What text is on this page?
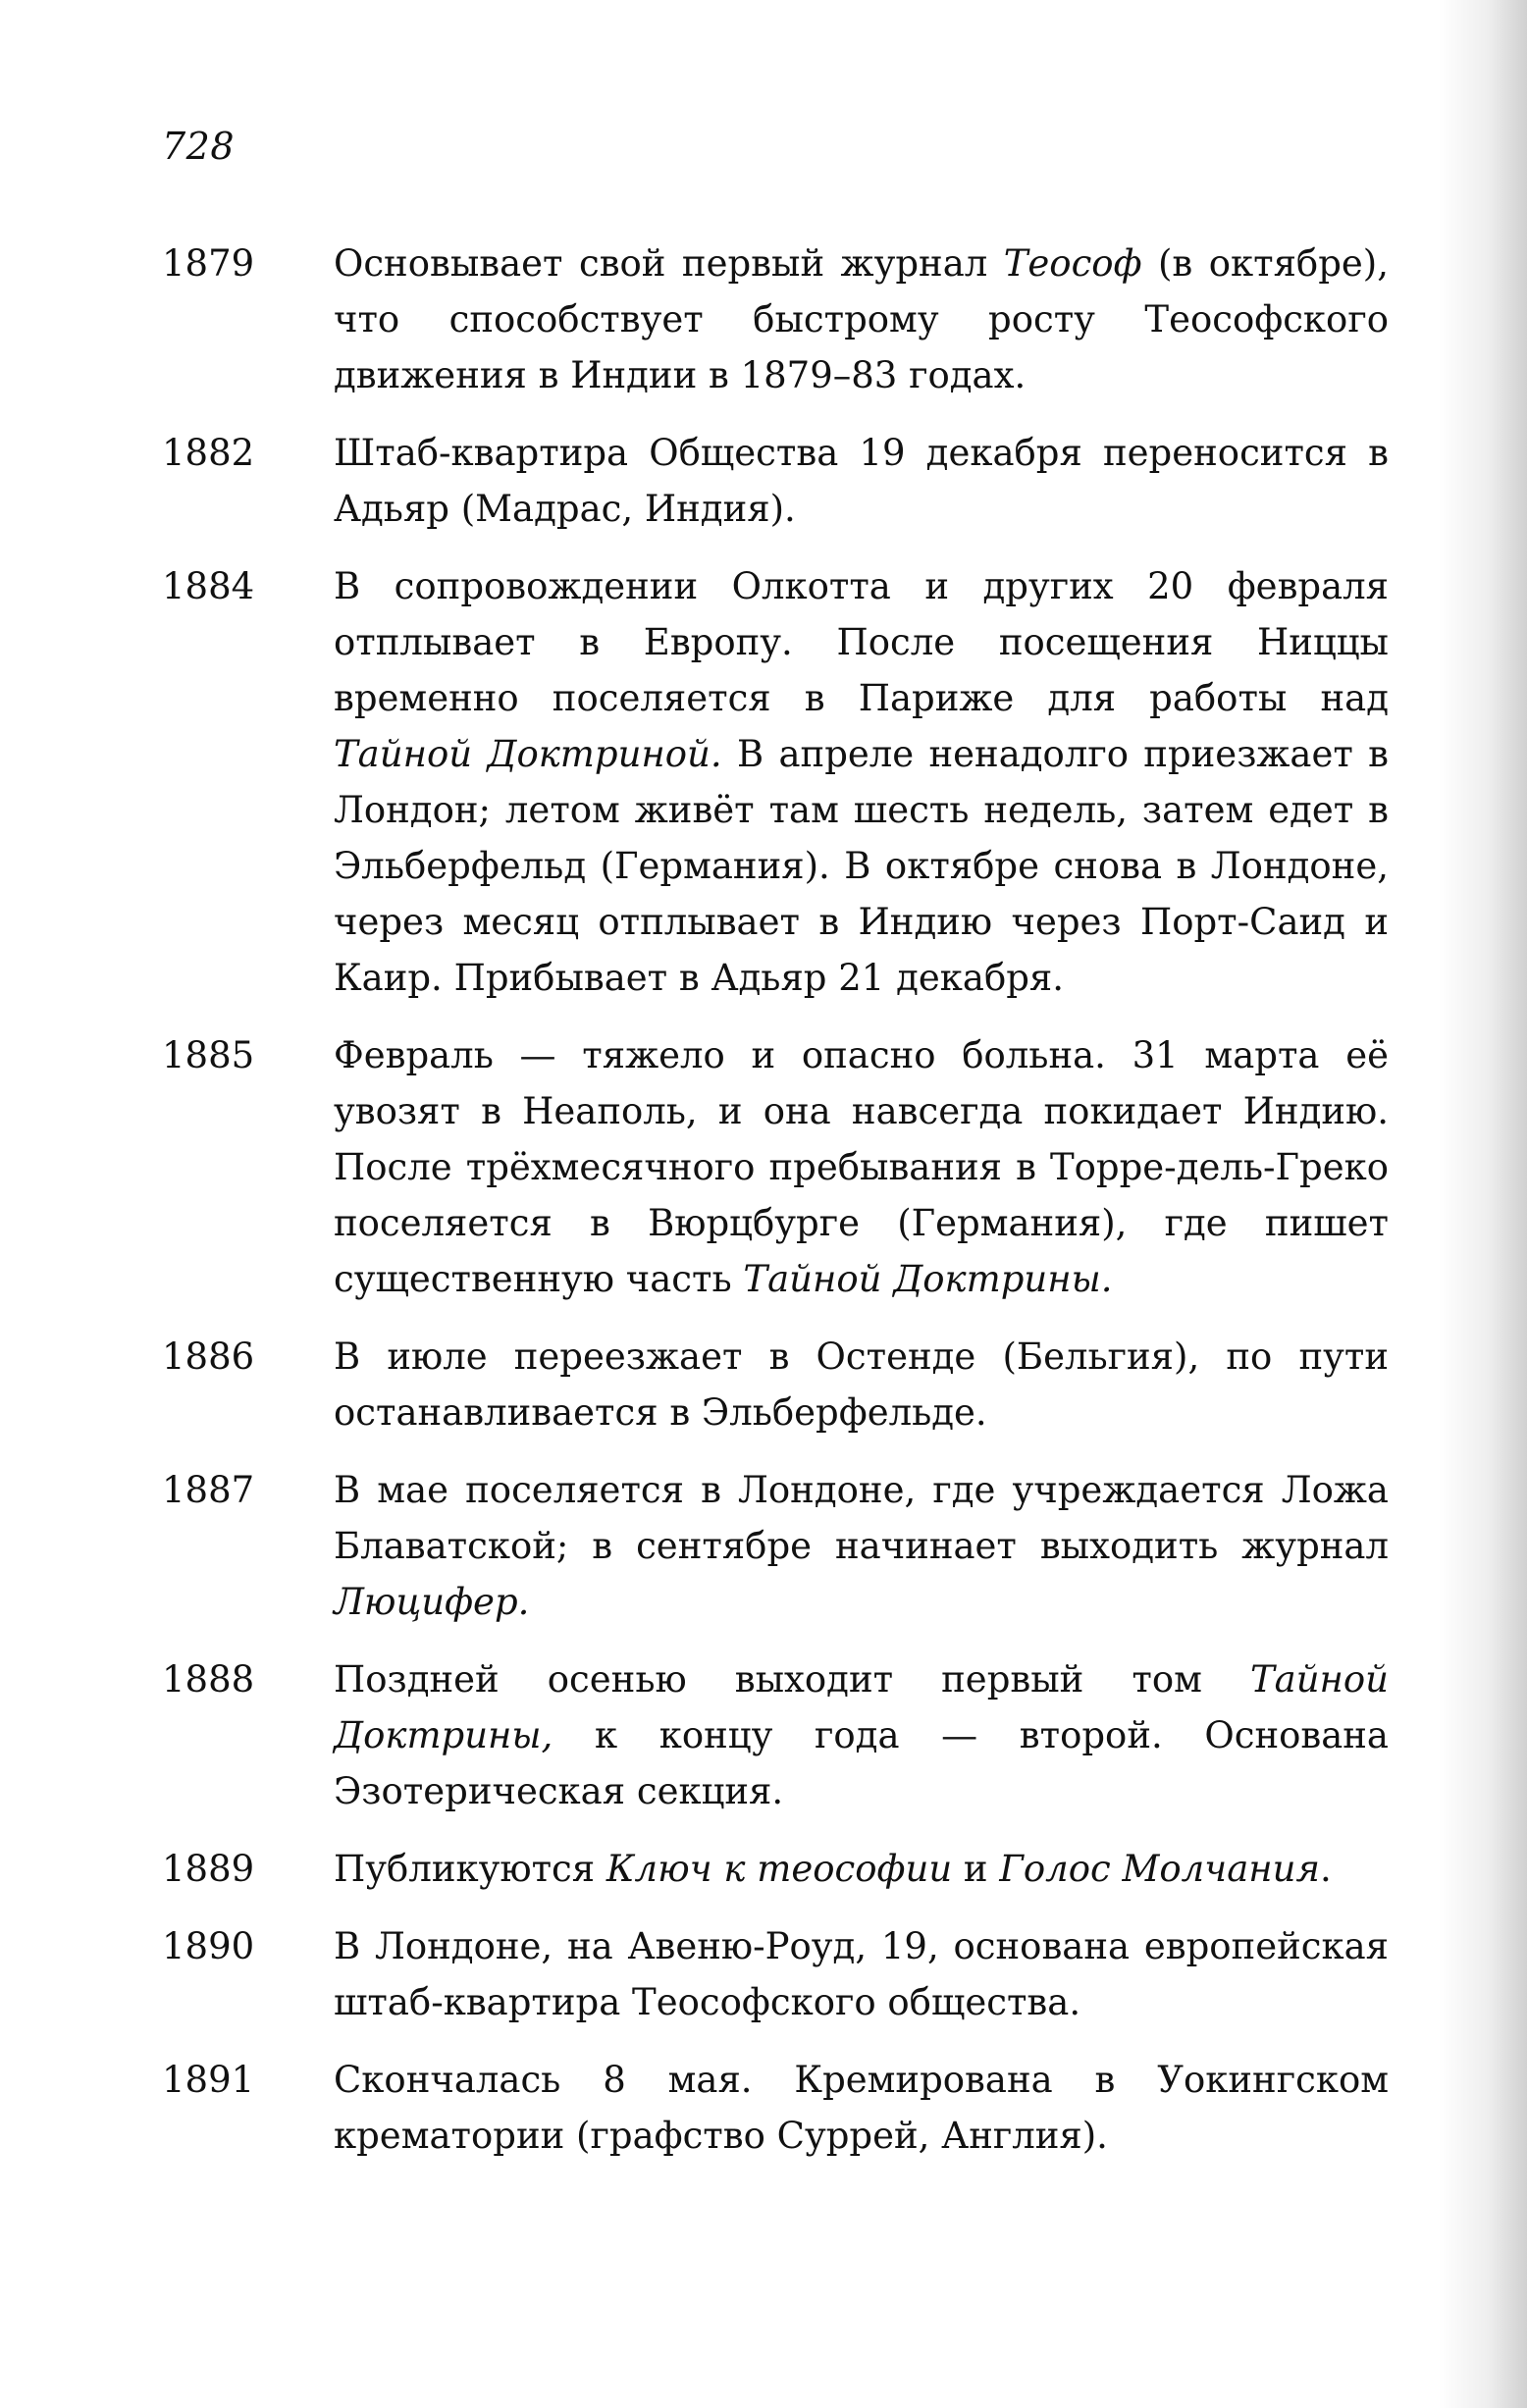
728
1879	Основывает свой первый журнал Теософ (в октябре), что способствует быстрому росту Теософского движения в Индии в 1879–83 годах.
1882	Штаб-квартира Общества 19 декабря переносится в Адьяр (Мадрас, Индия).
1884	В сопровождении Олкотта и других 20 февраля отплывает в Европу. После посещения Ниццы временно поселяется в Париже для работы над Тайной Доктриной. В апреле ненадолго приезжает в Лондон; летом живёт там шесть недель, затем едет в Эльберфельд (Германия). В октябре снова в Лондоне, через месяц отплывает в Индию через Порт-Саид и Каир. Прибывает в Адьяр 21 декабря.
1885	Февраль — тяжело и опасно больна. 31 марта её увозят в Неаполь, и она навсегда покидает Индию. После трёхмесячного пребывания в Торре-дель-Греко поселяется в Вюрцбурге (Германия), где пишет существенную часть Тайной Доктрины.
1886	В июле переезжает в Остенде (Бельгия), по пути останавливается в Эльберфельде.
1887	В мае поселяется в Лондоне, где учреждается Ложа Блаватской; в сентябре начинает выходить журнал Люцифер.
1888	Поздней осенью выходит первый том Тайной Доктрины, к концу года — второй. Основана Эзотерическая секция.
1889	Публикуются Ключ к теософии и Голос Молчания.
1890	В Лондоне, на Авеню-Роуд, 19, основана европейская штаб-квартира Теософского общества.
1891	Скончалась 8 мая. Кремирована в Уокингском крематории (графство Суррей, Англия).
